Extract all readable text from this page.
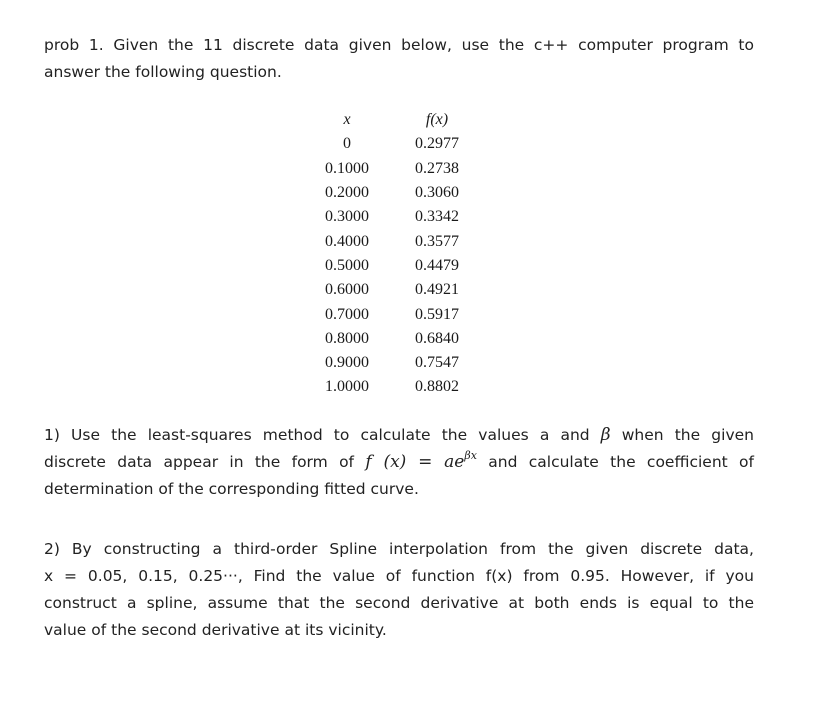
prob 1. Given the 11 discrete data given below, use the c++ computer program to
answer the following question.
x	f(x)
0	0.2977
0.1000	0.2738
0.2000	0.3060
0.3000	0.3342
0.4000	0.3577
0.5000	0.4479
0.6000	0.4921
0.7000	0.5917
0.8000	0.6840
0.9000	0.7547
1.0000	0.8802
1) Use the least-squares method to calculate the values a and β when the given
discrete data appear in the form of f $(x) = ae^{\beta x}$ and calculate the coefficient of
determination of the corresponding fitted curve.
2) By constructing a third-order Spline interpolation from the given discrete data,
x = 0.05, 0.15, 0.25···, Find the value of function f(x) from 0.95. However, if you
construct a spline, assume that the second derivative at both ends is equal to the
value of the second derivative at its vicinity.
